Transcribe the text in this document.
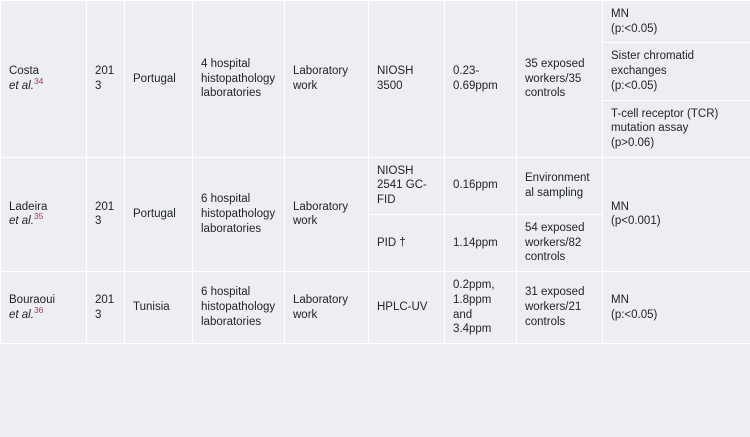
Costa
et al.$^{34}$	2013	Portugal	4 hospital histopathology laboratories	Laboratory work	NIOSH 3500	0.23-0.69ppm	35 exposed workers/35 controls	MN
(p:<0.05)
								Sister chromatid exchanges
(p:<0.05)
								T-cell receptor (TCR) mutation assay
(p>0.06)
Ladeira
et al.$^{35}$	2013	Portugal	6 hospital histopathology laboratories	Laboratory work	NIOSH 2541 GC-FID	0.16ppm	Environmental sampling	MN
(p<0.001)
					PID †	1.14ppm	54 exposed workers/82 controls	
Bouraoui
et al.$^{36}$	2013	Tunisia	6 hospital histopathology laboratories	Laboratory work	HPLC-UV	0.2ppm, 1.8ppm and 3.4ppm	31 exposed workers/21 controls	MN
(p:<0.05)
